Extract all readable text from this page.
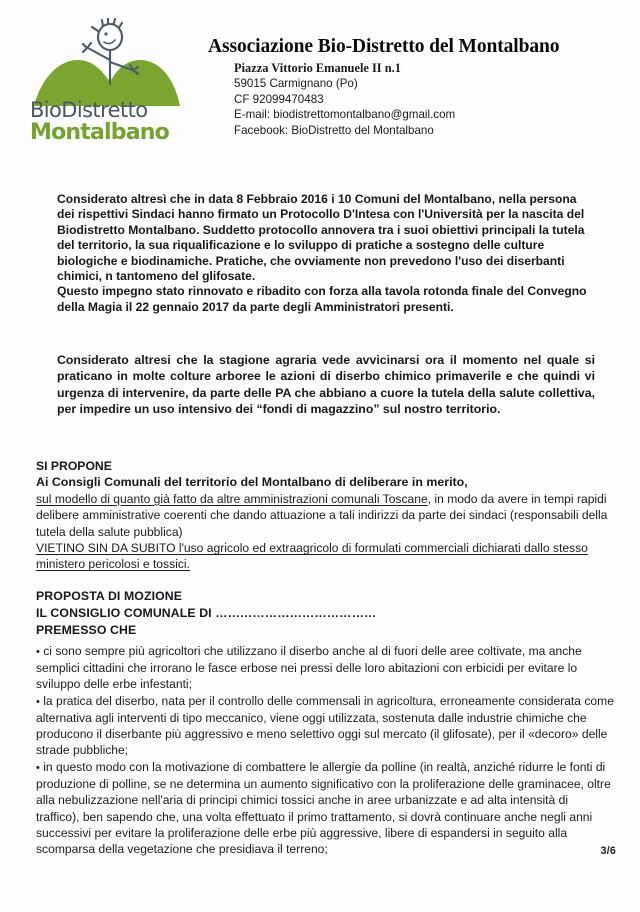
BioDistretto
Montalbano
Associazione Bio-Distretto del Montalbano
Piazza Vittorio Emanuele II n.1
59015 Carmignano (Po)
CF 92099470483
E-mail: biodistrettomontalbano@gmail.com
Facebook: BioDistretto del Montalbano
Considerato altresì che in data 8 Febbraio 2016 i 10 Comuni del Montalbano, nella persona dei rispettivi Sindaci hanno firmato un Protocollo D'Intesa con l'Università per la nascita del Biodistretto Montalbano. Suddetto protocollo annovera tra i suoi obiettivi principali la tutela del territorio, la sua riqualificazione e lo sviluppo di pratiche a sostegno delle culture biologiche e biodinamiche. Pratiche, che ovviamente non prevedono l'uso dei diserbanti chimici, n tantomeno del glifosate.
Questo impegno stato rinnovato e ribadito con forza alla tavola rotonda finale del Convegno della Magia il 22 gennaio 2017 da parte degli Amministratori presenti.
Considerato altresi che la stagione agraria vede avvicinarsi ora il momento nel quale si praticano in molte colture arboree le azioni di diserbo chimico primaverile e che quindi vi urgenza di intervenire, da parte delle PA che abbiano a cuore la tutela della salute collettiva, per impedire un uso intensivo dei “fondi di magazzino” sul nostro territorio.
SI PROPONE
Ai Consigli Comunali del territorio del Montalbano di deliberare in merito,
sul modello di quanto già fatto da altre amministrazioni comunali Toscane, in modo da avere in tempi rapidi delibere amministrative coerenti che dando attuazione a tali indirizzi da parte dei sindaci (responsabili della tutela della salute pubblica)
VIETINO SIN DA SUBITO l'uso agricolo ed extraagricolo di formulati commerciali dichiarati dallo stesso ministero pericolosi e tossici.
PROPOSTA DI MOZIONE
IL CONSIGLIO COMUNALE DI …………………………………
PREMESSO CHE
• ci sono sempre più agricoltori che utilizzano il diserbo anche al di fuori delle aree coltivate, ma anche semplici cittadini che irrorano le fasce erbose nei pressi delle loro abitazioni con erbicidi per evitare lo sviluppo delle erbe infestanti;
• la pratica del diserbo, nata per il controllo delle commensali in agricoltura, erroneamente considerata come alternativa agli interventi di tipo meccanico, viene oggi utilizzata, sostenuta dalle industrie chimiche che producono il diserbante più aggressivo e meno selettivo oggi sul mercato (il glifosate), per il «decoro» delle strade pubbliche;
• in questo modo con la motivazione di combattere le allergie da polline (in realtà, anziché ridurre le fonti di produzione di polline, se ne determina un aumento significativo con la proliferazione delle graminacee, oltre alla nebulizzazione nell'aria di principi chimici tossici anche in aree urbanizzate e ad alta intensità di traffico), ben sapendo che, una volta effettuato il primo trattamento, si dovrà continuare anche negli anni successivi per evitare la proliferazione delle erbe più aggressive, libere di espandersi in seguito alla scomparsa della vegetazione che presidiava il terreno;	3/6
